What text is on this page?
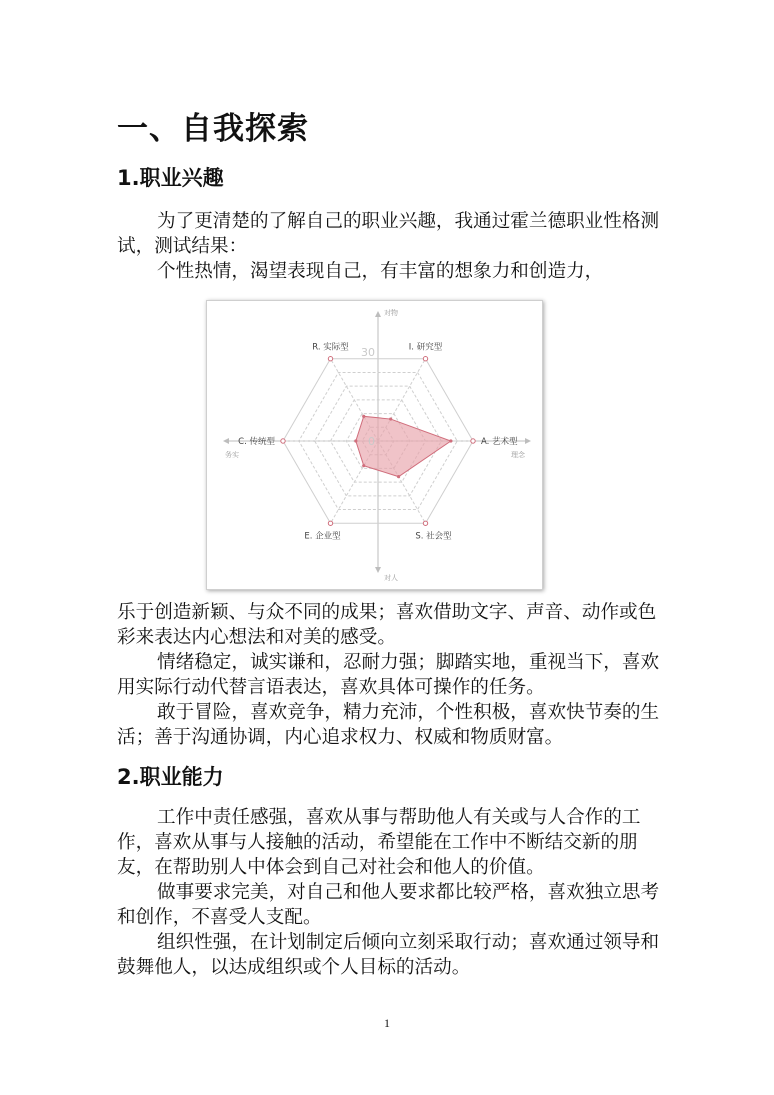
一、自我探索
1.职业兴趣

为了更清楚的了解自己的职业兴趣，我通过霍兰德职业性格测试，测试结果：

个性热情，渴望表现自己，有丰富的想象力和创造力，

I. 研究型
A. 艺术型
S. 社会型
E. 企业型
C. 传统型
R. 实际型
对物
对人
务实	理念
0
30

乐于创造新颖、与众不同的成果；喜欢借助文字、声音、动作或色彩来表达内心想法和对美的感受。

情绪稳定，诚实谦和，忍耐力强；脚踏实地，重视当下，喜欢用实际行动代替言语表达，喜欢具体可操作的任务。

敢于冒险，喜欢竞争，精力充沛，个性积极，喜欢快节奏的生活；善于沟通协调，内心追求权力、权威和物质财富。

2.职业能力

工作中责任感强，喜欢从事与帮助他人有关或与人合作的工作，喜欢从事与人接触的活动，希望能在工作中不断结交新的朋友，在帮助别人中体会到自己对社会和他人的价值。

做事要求完美，对自己和他人要求都比较严格，喜欢独立思考和创作，不喜受人支配。

组织性强，在计划制定后倾向立刻采取行动；喜欢通过领导和鼓舞他人，以达成组织或个人目标的活动。

1
